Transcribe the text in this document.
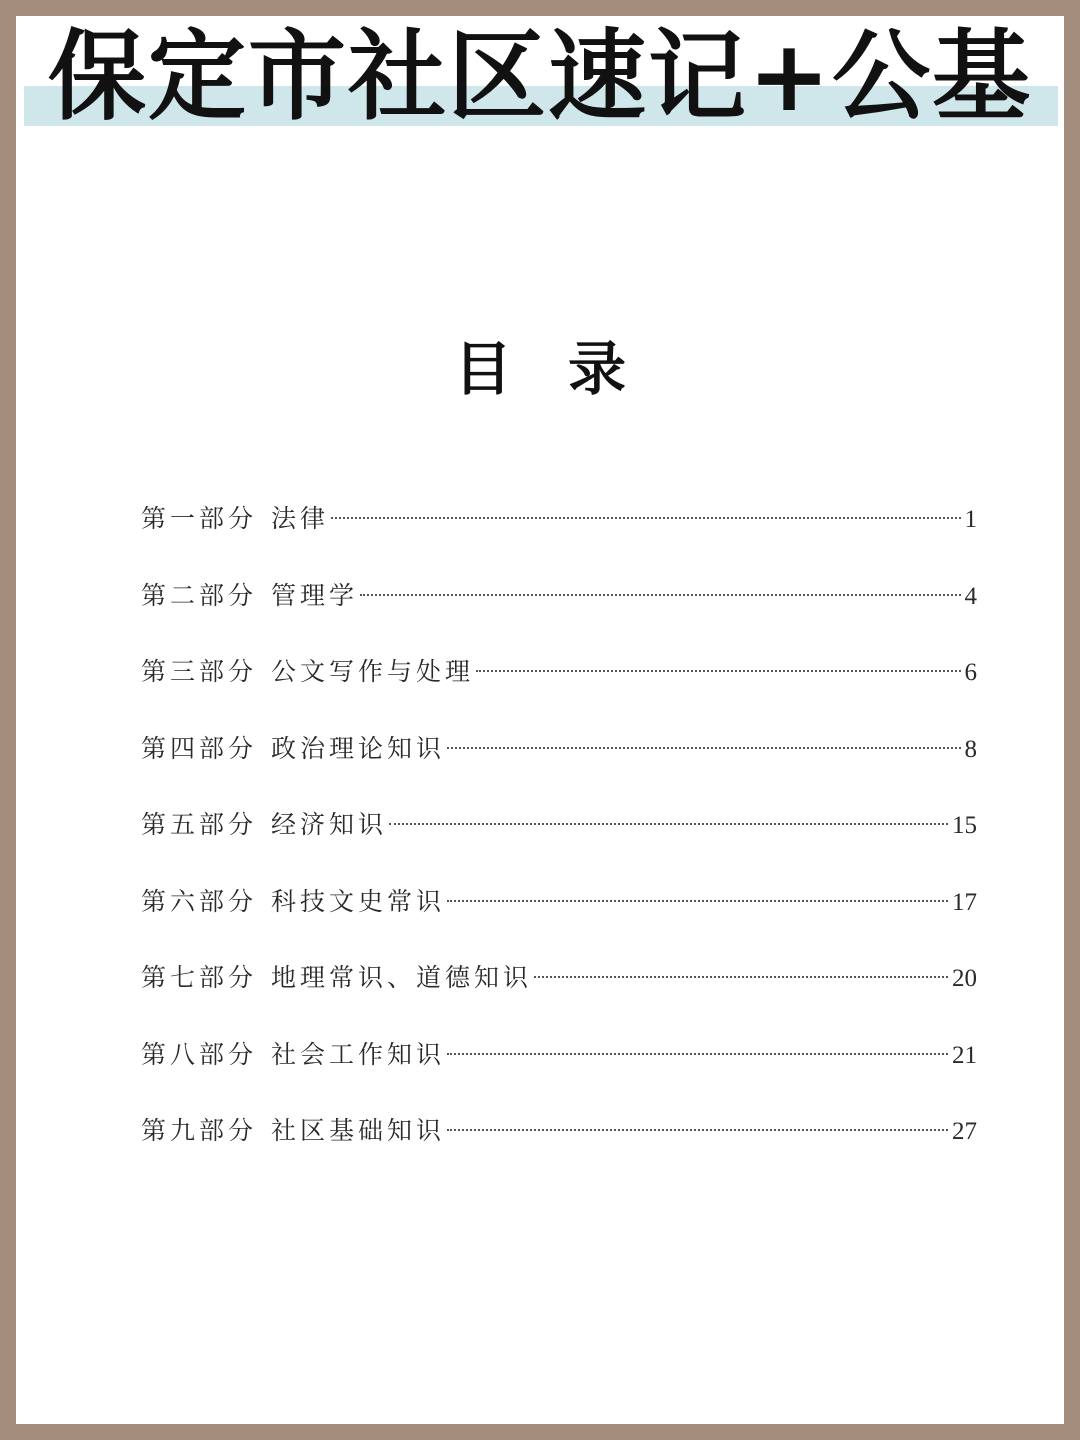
保定市社区速记+公基
目录
第一部分 法律	1
第二部分 管理学	4
第三部分 公文写作与处理	6
第四部分 政治理论知识	8
第五部分 经济知识	15
第六部分 科技文史常识	17
第七部分 地理常识、道德知识	20
第八部分 社会工作知识	21
第九部分 社区基础知识	27
